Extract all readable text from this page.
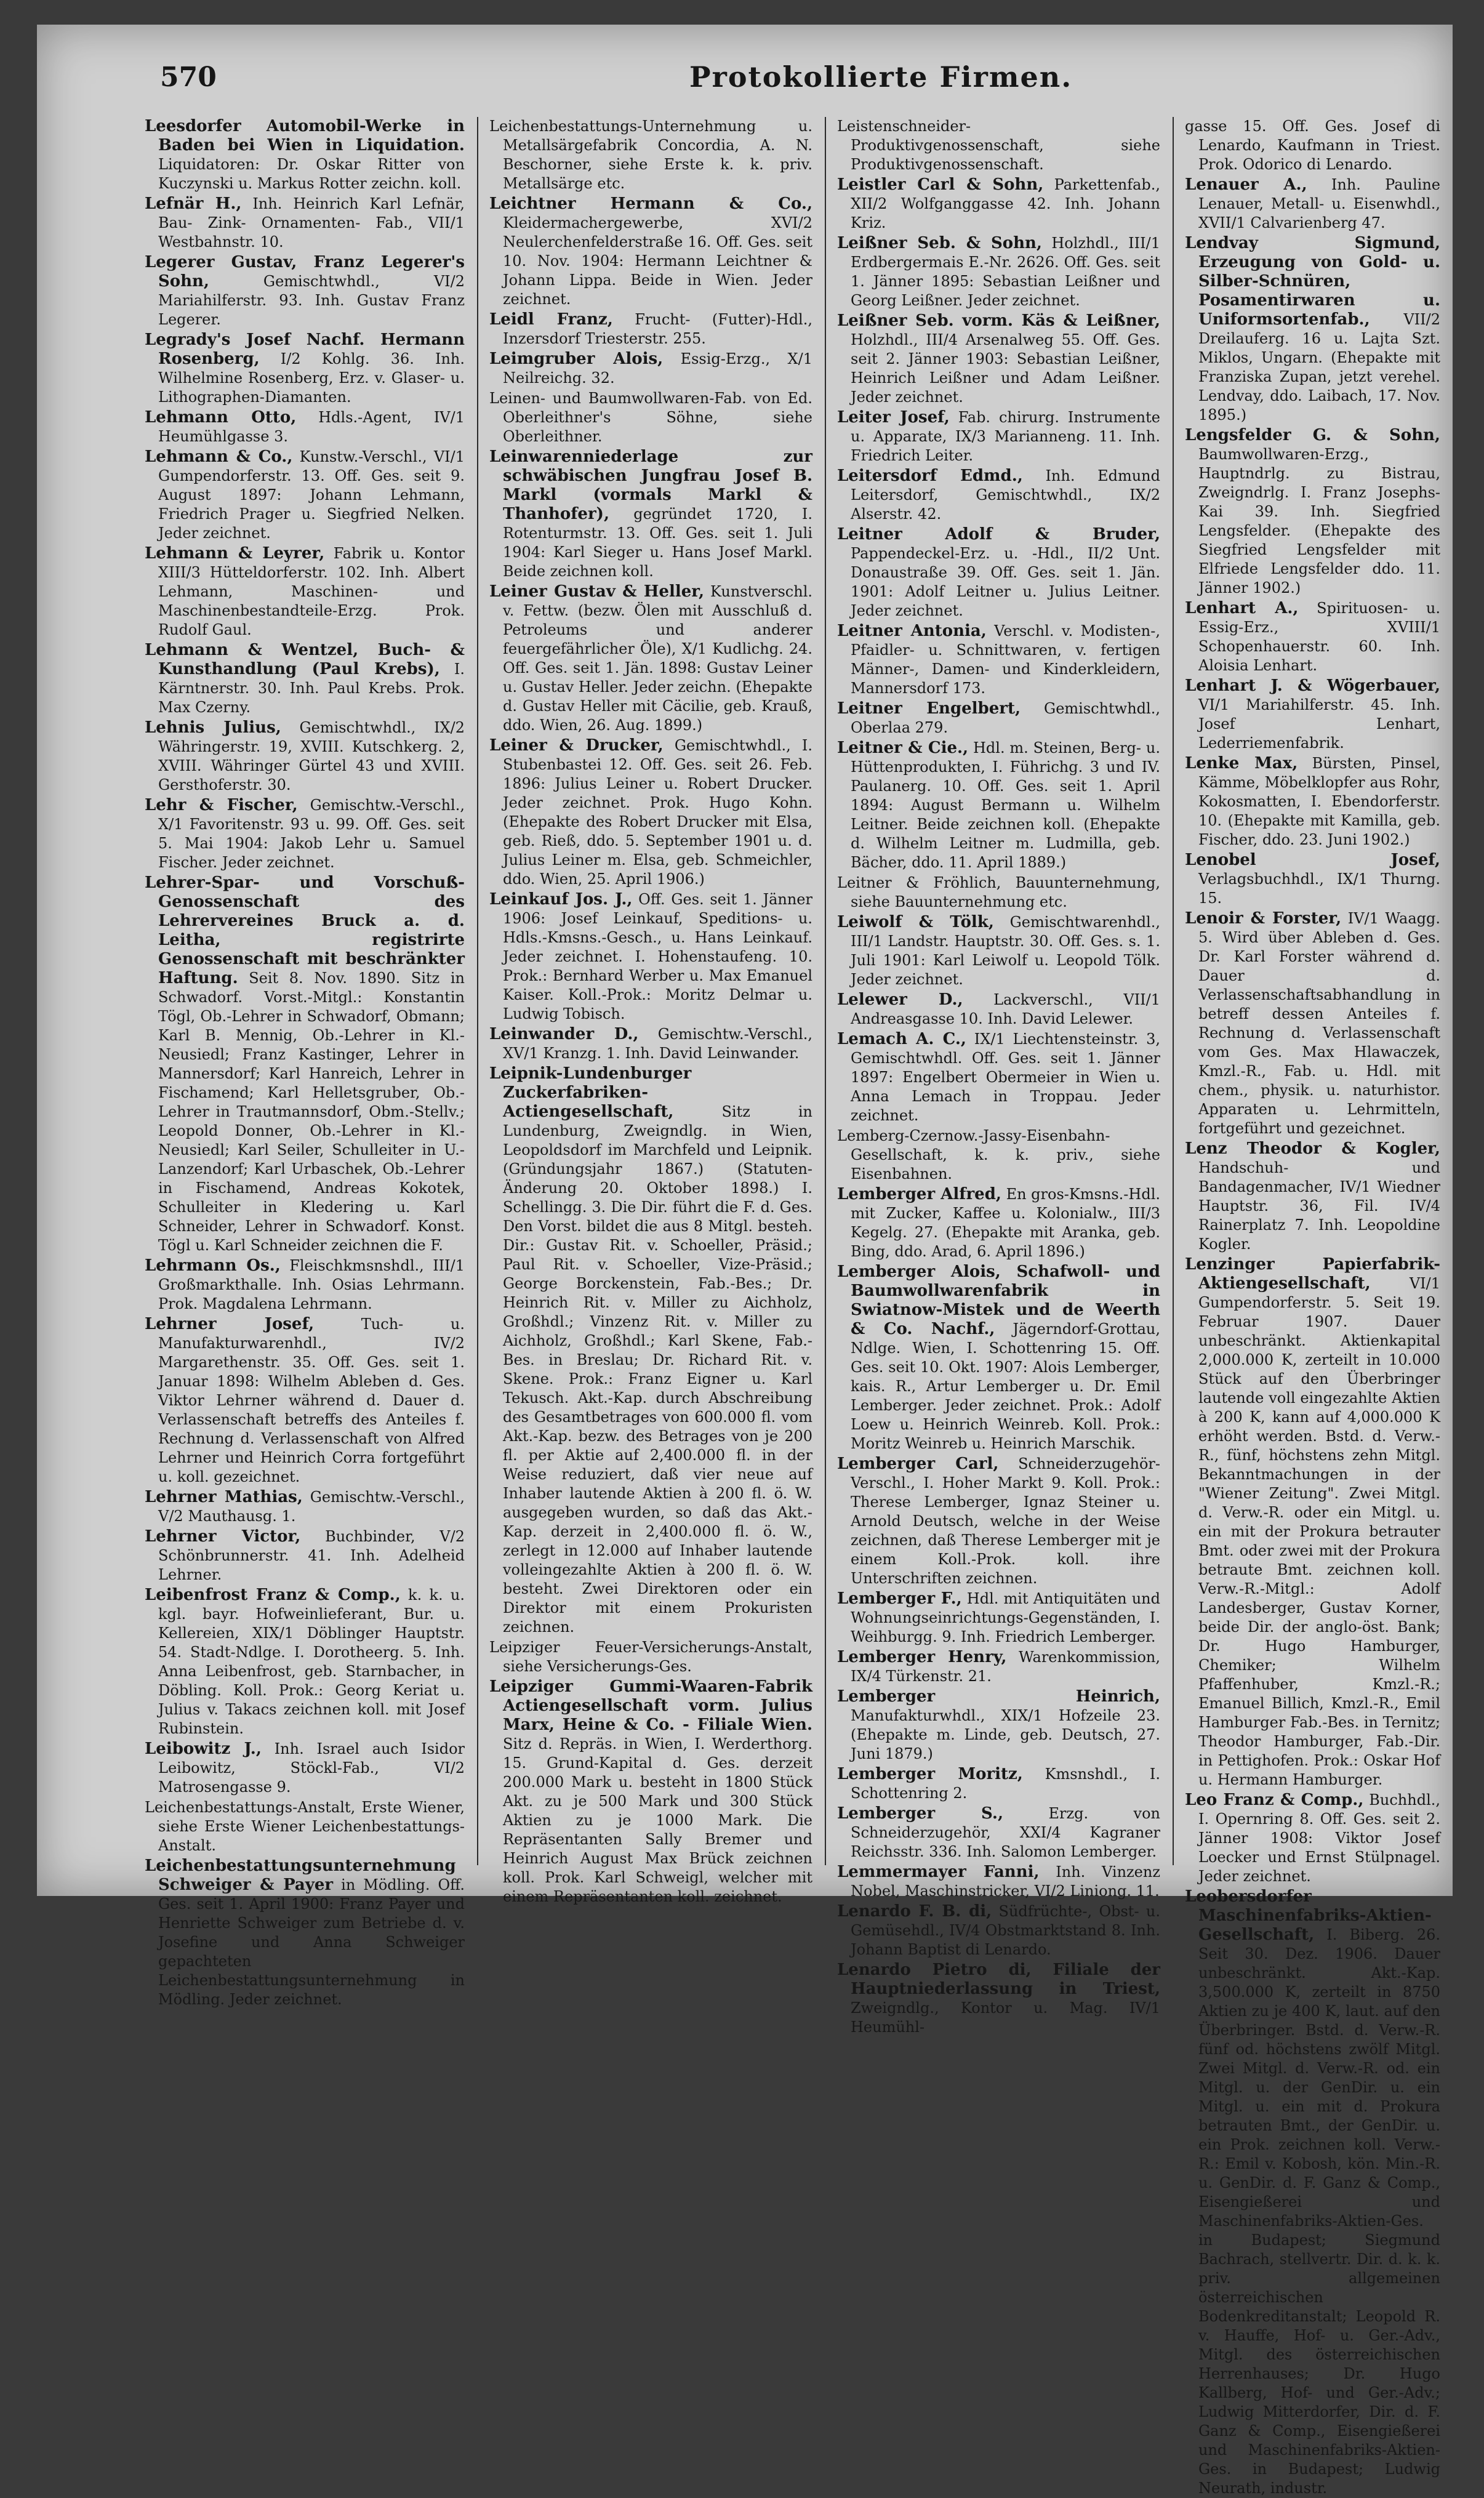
570	Protokollierte Firmen.

Leesdorfer Automobil-Werke in Baden bei Wien in Liquidation. Liquidatoren: Dr. Oskar Ritter von Kuczynski u. Markus Rotter zeichn. koll.

Lefnär H., Inh. Heinrich Karl Lefnär, Bau- Zink- Ornamenten- Fab., VII/1 Westbahnstr. 10.

Legerer Gustav, Franz Legerer's Sohn,	Gemischtwhdl., VI/2 Mariahilferstr. 93. Inh. Gustav Franz Legerer.

Legrady's Josef Nachf. Hermann Rosenberg, I/2 Kohlg. 36. Inh. Wilhelmine Rosenberg, Erz. v. Glaser- u. Lithographen-Diamanten.

Lehmann Otto, Hdls.-Agent, IV/1 Heumühlgasse 3.

Lehmann & Co., Kunstw.-Verschl., VI/1 Gumpendorferstr. 13. Off. Ges. seit 9. August 1897: Johann Lehmann, Friedrich Prager u. Siegfried Nelken. Jeder zeichnet.

Lehmann & Leyrer, Fabrik u. Kontor XIII/3 Hütteldorferstr. 102. Inh. Albert Lehmann, Maschinen- und Maschinenbestandteile-Erzg. Prok. Rudolf Gaul.

Lehmann & Wentzel, Buch- & Kunsthandlung (Paul Krebs), I. Kärntnerstr. 30. Inh. Paul Krebs. Prok. Max Czerny.

Lehnis Julius, Gemischtwhdl., IX/2 Währingerstr. 19, XVIII. Kutschkerg. 2, XVIII. Währinger Gürtel 43 und XVIII. Gersthoferstr. 30.

Lehr & Fischer, Gemischtw.-Verschl., X/1 Favoritenstr. 93 u. 99. Off. Ges. seit 5. Mai 1904: Jakob Lehr u. Samuel Fischer. Jeder zeichnet.

Lehrer-Spar- und Vorschuß-Genossenschaft des Lehrervereines Bruck a. d. Leitha, registrirte Genossenschaft mit beschränkter Haftung. Seit 8. Nov. 1890. Sitz in Schwadorf. Vorst.-Mitgl.: Konstantin Tögl, Ob.-Lehrer in Schwadorf, Obmann; Karl B. Mennig, Ob.-Lehrer in Kl.-Neusiedl; Franz Kastinger, Lehrer in Mannersdorf; Karl Hanreich, Lehrer in Fischamend; Karl Helletsgruber, Ob.-Lehrer in Trautmannsdorf, Obm.-Stellv.; Leopold Donner, Ob.-Lehrer in Kl.-Neusiedl; Karl Seiler, Schulleiter in U.-Lanzendorf; Karl Urbaschek, Ob.-Lehrer in Fischamend, Andreas Kokotek, Schulleiter in Kledering u. Karl Schneider, Lehrer in Schwadorf. Konst. Tögl u. Karl Schneider zeichnen die F.

Lehrmann Os., Fleischkmsnshdl., III/1 Großmarkthalle. Inh. Osias Lehrmann. Prok. Magdalena Lehrmann.

Lehrner Josef,	Tuch- u. Manufakturwarenhdl., IV/2 Margarethenstr. 35. Off. Ges. seit 1. Januar 1898: Wilhelm Ableben d. Ges. Viktor Lehrner während d. Dauer d. Verlassenschaft betreffs des Anteiles f. Rechnung d. Verlassenschaft von Alfred Lehrner und Heinrich Corra fortgeführt u. koll. gezeichnet.

Lehrner Mathias, Gemischtw.-Verschl., V/2 Mauthausg. 1.

Lehrner Victor, Buchbinder, V/2 Schönbrunnerstr. 41. Inh. Adelheid Lehrner.

Leibenfrost Franz & Comp., k. k. u. kgl. bayr. Hofweinlieferant, Bur. u. Kellereien, XIX/1 Döblinger Hauptstr. 54. Stadt-Ndlge. I. Dorotheerg. 5. Inh. Anna Leibenfrost, geb. Starnbacher, in Döbling. Koll. Prok.: Georg Keriat u. Julius v. Takacs zeichnen koll. mit Josef Rubinstein.

Leibowitz J., Inh. Israel auch Isidor Leibowitz, Stöckl-Fab., VI/2 Matrosengasse 9.

Leichenbestattungs-Anstalt, Erste Wiener, siehe Erste Wiener Leichenbestattungs-Anstalt.

Leichenbestattungsunternehmung Schweiger & Payer in Mödling. Off. Ges. seit 1. April 1900: Franz Payer und Henriette Schweiger zum Betriebe d. v. Josefine und Anna Schweiger gepachteten Leichenbestattungsunternehmung in Mödling. Jeder zeichnet.

Leichenbestattungs-Unternehmung u. Metallsärgefabrik Concordia, A. N. Beschorner, siehe Erste k. k. priv. Metallsärge etc.

Leichtner Hermann & Co., Kleidermachergewerbe, XVI/2 Neulerchenfelderstraße 16. Off. Ges. seit 10. Nov. 1904: Hermann Leichtner & Johann Lippa. Beide in Wien. Jeder zeichnet.

Leidl Franz, Frucht- (Futter)-Hdl., Inzersdorf Triesterstr. 255.

Leimgruber Alois, Essig-Erzg., X/1 Neilreichg. 32.

Leinen- und Baumwollwaren-Fab. von Ed. Oberleithner's Söhne, siehe Oberleithner.

Leinwarenniederlage zur schwäbischen Jungfrau Josef B. Markl (vormals Markl & Thanhofer), gegründet 1720, I. Rotenturmstr. 13. Off. Ges. seit 1. Juli 1904: Karl Sieger u. Hans Josef Markl. Beide zeichnen koll.

Leiner Gustav & Heller, Kunstverschl. v. Fettw. (bezw. Ölen mit Ausschluß d. Petroleums und anderer feuergefährlicher Öle), X/1 Kudlichg. 24. Off. Ges. seit 1. Jän. 1898: Gustav Leiner u. Gustav Heller. Jeder zeichn. (Ehepakte d. Gustav Heller mit Cäcilie, geb. Krauß, ddo. Wien, 26. Aug. 1899.)

Leiner & Drucker, Gemischtwhdl., I. Stubenbastei 12. Off. Ges. seit 26. Feb. 1896: Julius Leiner u. Robert Drucker. Jeder zeichnet. Prok. Hugo Kohn. (Ehepakte des Robert Drucker mit Elsa, geb. Rieß, ddo. 5. September 1901 u. d. Julius Leiner m. Elsa, geb. Schmeichler, ddo. Wien, 25. April 1906.)

Leinkauf Jos. J., Off. Ges. seit 1. Jänner 1906: Josef Leinkauf, Speditions- u. Hdls.-Kmsns.-Gesch., u. Hans Leinkauf. Jeder zeichnet. I. Hohenstaufeng. 10. Prok.: Bernhard Werber u. Max Emanuel Kaiser. Koll.-Prok.: Moritz Delmar u. Ludwig Tobisch.

Leinwander D., Gemischtw.-Verschl., XV/1 Kranzg. 1. Inh. David Leinwander.

Leipnik-Lundenburger Zuckerfabriken-Actiengesellschaft,	Sitz in Lundenburg, Zweigndlg. in Wien, Leopoldsdorf im Marchfeld und Leipnik. (Gründungsjahr 1867.) (Statuten-Änderung 20. Oktober 1898.) I. Schellingg. 3. Die Dir. führt die F. d. Ges. Den Vorst. bildet die aus 8 Mitgl. besteh. Dir.: Gustav Rit. v. Schoeller, Präsid.; Paul Rit. v. Schoeller, Vize-Präsid.; George Borckenstein, Fab.-Bes.; Dr. Heinrich Rit. v. Miller zu Aichholz, Großhdl.; Vinzenz Rit. v. Miller zu Aichholz, Großhdl.; Karl Skene, Fab.-Bes. in Breslau; Dr. Richard Rit. v. Skene. Prok.: Franz Eigner u. Karl Tekusch. Akt.-Kap. durch Abschreibung des Gesamtbetrages von 600.000 fl. vom Akt.-Kap. bezw. des Betrages von je 200 fl. per Aktie auf 2,400.000 fl. in der Weise reduziert, daß vier neue auf Inhaber lautende Aktien à 200 fl. ö. W. ausgegeben wurden, so daß das Akt.-Kap. derzeit in 2,400.000 fl. ö. W., zerlegt in 12.000 auf Inhaber lautende volleingezahlte Aktien à 200 fl. ö. W. besteht. Zwei Direktoren oder ein Direktor mit einem Prokuristen zeichnen.

Leipziger Feuer-Versicherungs-Anstalt, siehe Versicherungs-Ges.

Leipziger Gummi-Waaren-Fabrik Actiengesellschaft vorm. Julius Marx, Heine & Co. - Filiale Wien. Sitz d. Repräs. in Wien, I. Werderthorg. 15. Grund-Kapital d. Ges. derzeit 200.000 Mark u. besteht in 1800 Stück Akt. zu je 500 Mark und 300 Stück Aktien zu je 1000 Mark. Die Repräsentanten Sally Bremer und Heinrich August Max Brück zeichnen koll. Prok. Karl Schweigl, welcher mit einem Repräsentanten koll. zeichnet.

Leistenschneider-Produktivgenossenschaft, siehe Produktivgenossenschaft.

Leistler Carl & Sohn, Parkettenfab., XII/2 Wolfganggasse 42. Inh. Johann Kriz.

Leißner Seb. & Sohn, Holzhdl., III/1 Erdbergermais E.-Nr. 2626. Off. Ges. seit 1. Jänner 1895: Sebastian Leißner und Georg Leißner. Jeder zeichnet.

Leißner Seb. vorm. Käs & Leißner, Holzhdl., III/4 Arsenalweg 55. Off. Ges. seit 2. Jänner 1903: Sebastian Leißner, Heinrich Leißner und Adam Leißner. Jeder zeichnet.

Leiter Josef, Fab. chirurg. Instrumente u. Apparate, IX/3 Marianneng. 11. Inh. Friedrich Leiter.

Leitersdorf Edmd., Inh. Edmund Leitersdorf, Gemischtwhdl., IX/2 Alserstr. 42.

Leitner Adolf & Bruder, Pappendeckel-Erz. u. -Hdl., II/2 Unt. Donaustraße 39. Off. Ges. seit 1. Jän. 1901: Adolf Leitner u. Julius Leitner. Jeder zeichnet.

Leitner Antonia, Verschl. v. Modisten-, Pfaidler- u. Schnittwaren, v. fertigen Männer-, Damen- und Kinderkleidern, Mannersdorf 173.

Leitner Engelbert, Gemischtwhdl., Oberlaa 279.

Leitner & Cie., Hdl. m. Steinen, Berg- u. Hüttenprodukten, I. Führichg. 3 und IV. Paulanerg. 10. Off. Ges. seit 1. April 1894: August Bermann u. Wilhelm Leitner. Beide zeichnen koll. (Ehepakte d. Wilhelm Leitner m. Ludmilla, geb. Bächer, ddo. 11. April 1889.)

Leitner & Fröhlich, Bauunternehmung, siehe Bauunternehmung etc.

Leiwolf & Tölk, Gemischtwarenhdl., III/1 Landstr. Hauptstr. 30. Off. Ges. s. 1. Juli 1901: Karl Leiwolf u. Leopold Tölk. Jeder zeichnet.

Lelewer D., Lackverschl., VII/1 Andreasgasse 10. Inh. David Lelewer.

Lemach A. C., IX/1 Liechtensteinstr. 3, Gemischtwhdl. Off. Ges. seit 1. Jänner 1897: Engelbert Obermeier in Wien u. Anna Lemach in Troppau. Jeder zeichnet.

Lemberg-Czernow.-Jassy-Eisenbahn-Gesellschaft, k. k. priv., siehe Eisenbahnen.

Lemberger Alfred, En gros-Kmsns.-Hdl. mit Zucker, Kaffee u. Kolonialw., III/3 Kegelg. 27. (Ehepakte mit Aranka, geb. Bing, ddo. Arad, 6. April 1896.)

Lemberger Alois, Schafwoll- und Baumwollwarenfabrik in Swiatnow-Mistek und de Weerth & Co. Nachf., Jägerndorf-Grottau, Ndlge. Wien, I. Schottenring 15. Off. Ges. seit 10. Okt. 1907: Alois Lemberger, kais. R., Artur Lemberger u. Dr. Emil Lemberger. Jeder zeichnet. Prok.: Adolf Loew u. Heinrich Weinreb. Koll. Prok.: Moritz Weinreb u. Heinrich Marschik.

Lemberger Carl, Schneiderzugehör-Verschl., I. Hoher Markt 9. Koll. Prok.: Therese Lemberger, Ignaz Steiner u. Arnold Deutsch, welche in der Weise zeichnen, daß Therese Lemberger mit je einem Koll.-Prok. koll. ihre Unterschriften zeichnen.

Lemberger F., Hdl. mit Antiquitäten und Wohnungseinrichtungs-Gegenständen, I. Weihburgg. 9. Inh. Friedrich Lemberger.

Lemberger Henry, Warenkommission, IX/4 Türkenstr. 21.

Lemberger Heinrich, Manufakturwhdl., XIX/1 Hofzeile 23. (Ehepakte m. Linde, geb. Deutsch, 27. Juni 1879.)

Lemberger Moritz, Kmsnshdl., I. Schottenring 2.

Lemberger S.,	Erzg. von Schneiderzugehör, XXI/4 Kagraner Reichsstr. 336. Inh. Salomon Lemberger.

Lemmermayer Fanni, Inh. Vinzenz Nobel, Maschinstricker, VI/2 Liniong. 11.

Lenardo F. B. di, Südfrüchte-, Obst- u. Gemüsehdl., IV/4 Obstmarktstand 8. Inh. Johann Baptist di Lenardo.

Lenardo Pietro di, Filiale der Hauptniederlassung in Triest, Zweigndlg., Kontor u. Mag. IV/1 Heumühl-

gasse 15. Off. Ges. Josef di Lenardo, Kaufmann in Triest. Prok. Odorico di Lenardo.

Lenauer A., Inh. Pauline Lenauer, Metall- u. Eisenwhdl., XVII/1 Calvarienberg 47.

Lendvay Sigmund, Erzeugung von Gold- u. Silber-Schnüren, Posamentirwaren u. Uniformsortenfab., VII/2 Dreilauferg. 16 u. Lajta Szt. Miklos, Ungarn. (Ehepakte mit Franziska Zupan, jetzt verehel. Lendvay, ddo. Laibach, 17. Nov. 1895.)

Lengsfelder G. & Sohn, Baumwollwaren-Erzg., Hauptndrlg. zu Bistrau, Zweigndrlg. I. Franz Josephs-Kai 39. Inh. Siegfried Lengsfelder. (Ehepakte des Siegfried Lengsfelder mit Elfriede Lengsfelder ddo. 11. Jänner 1902.)

Lenhart A., Spirituosen- u. Essig-Erz., XVIII/1 Schopenhauerstr. 60. Inh. Aloisia Lenhart.

Lenhart J. & Wögerbauer, VI/1 Mariahilferstr. 45. Inh. Josef Lenhart, Lederriemenfabrik.

Lenke Max, Bürsten, Pinsel, Kämme, Möbelklopfer aus Rohr, Kokosmatten, I. Ebendorferstr. 10. (Ehepakte mit Kamilla, geb. Fischer, ddo. 23. Juni 1902.)

Lenobel Josef, Verlagsbuchhdl., IX/1 Thurng. 15.

Lenoir & Forster, IV/1 Waagg. 5. Wird über Ableben d. Ges. Dr. Karl Forster während d. Dauer d. Verlassenschaftsabhandlung in betreff dessen Anteiles f. Rechnung d. Verlassenschaft vom Ges. Max Hlawaczek, Kmzl.-R., Fab. u. Hdl. mit chem., physik. u. naturhistor. Apparaten u. Lehrmitteln, fortgeführt und gezeichnet.

Lenz Theodor & Kogler, Handschuh- und Bandagenmacher, IV/1 Wiedner Hauptstr. 36, Fil. IV/4 Rainerplatz 7. Inh. Leopoldine Kogler.

Lenzinger Papierfabrik-Aktiengesellschaft,	VI/1 Gumpendorferstr. 5. Seit 19. Februar 1907. Dauer unbeschränkt. Aktienkapital 2,000.000 K, zerteilt in 10.000 Stück auf den Überbringer lautende voll eingezahlte Aktien à 200 K, kann auf 4,000.000 K erhöht werden. Bstd. d. Verw.-R., fünf, höchstens zehn Mitgl. Bekanntmachungen in der "Wiener Zeitung". Zwei Mitgl. d. Verw.-R. oder ein Mitgl. u. ein mit der Prokura betrauter Bmt. oder zwei mit der Prokura betraute Bmt. zeichnen koll. Verw.-R.-Mitgl.: Adolf Landesberger, Gustav Korner, beide Dir. der anglo-öst. Bank; Dr. Hugo Hamburger, Chemiker; Wilhelm Pfaffenhuber, Kmzl.-R.; Emanuel Billich, Kmzl.-R., Emil Hamburger Fab.-Bes. in Ternitz; Theodor Hamburger, Fab.-Dir. in Pettighofen. Prok.: Oskar Hof u. Hermann Hamburger.

Leo Franz & Comp., Buchhdl., I. Opernring 8. Off. Ges. seit 2. Jänner 1908: Viktor Josef Loecker und Ernst Stülpnagel. Jeder zeichnet.

Leobersdorfer Maschinenfabriks-Aktien-Gesellschaft, I. Biberg. 26. Seit 30. Dez. 1906. Dauer unbeschränkt. Akt.-Kap. 3,500.000 K, zerteilt in 8750 Aktien zu je 400 K, laut. auf den Überbringer. Bstd. d. Verw.-R. fünf od. höchstens zwölf Mitgl. Zwei Mitgl. d. Verw.-R. od. ein Mitgl. u. der GenDir. u. ein Mitgl. u. ein mit d. Prokura betrauten Bmt., der GenDir. u. ein Prok. zeichnen koll. Verw.-R.: Emil v. Kobosh, kön. Min.-R. u. GenDir. d. F. Ganz & Comp., Eisengießerei und Maschinenfabriks-Aktien-Ges. in Budapest; Siegmund Bachrach, stellvertr. Dir. d. k. k. priv. allgemeinen österreichischen Bodenkreditanstalt; Leopold R. v. Hauffe, Hof- u. Ger.-Adv., Mitgl. des österreichischen Herrenhauses; Dr. Hugo Kallberg, Hof- und Ger.-Adv.; Ludwig Mitterdorfer, Dir. d. F. Ganz & Comp., Eisengießerei und Maschinenfabriks-Aktien-Ges. in Budapest; Ludwig Neurath, industr.
